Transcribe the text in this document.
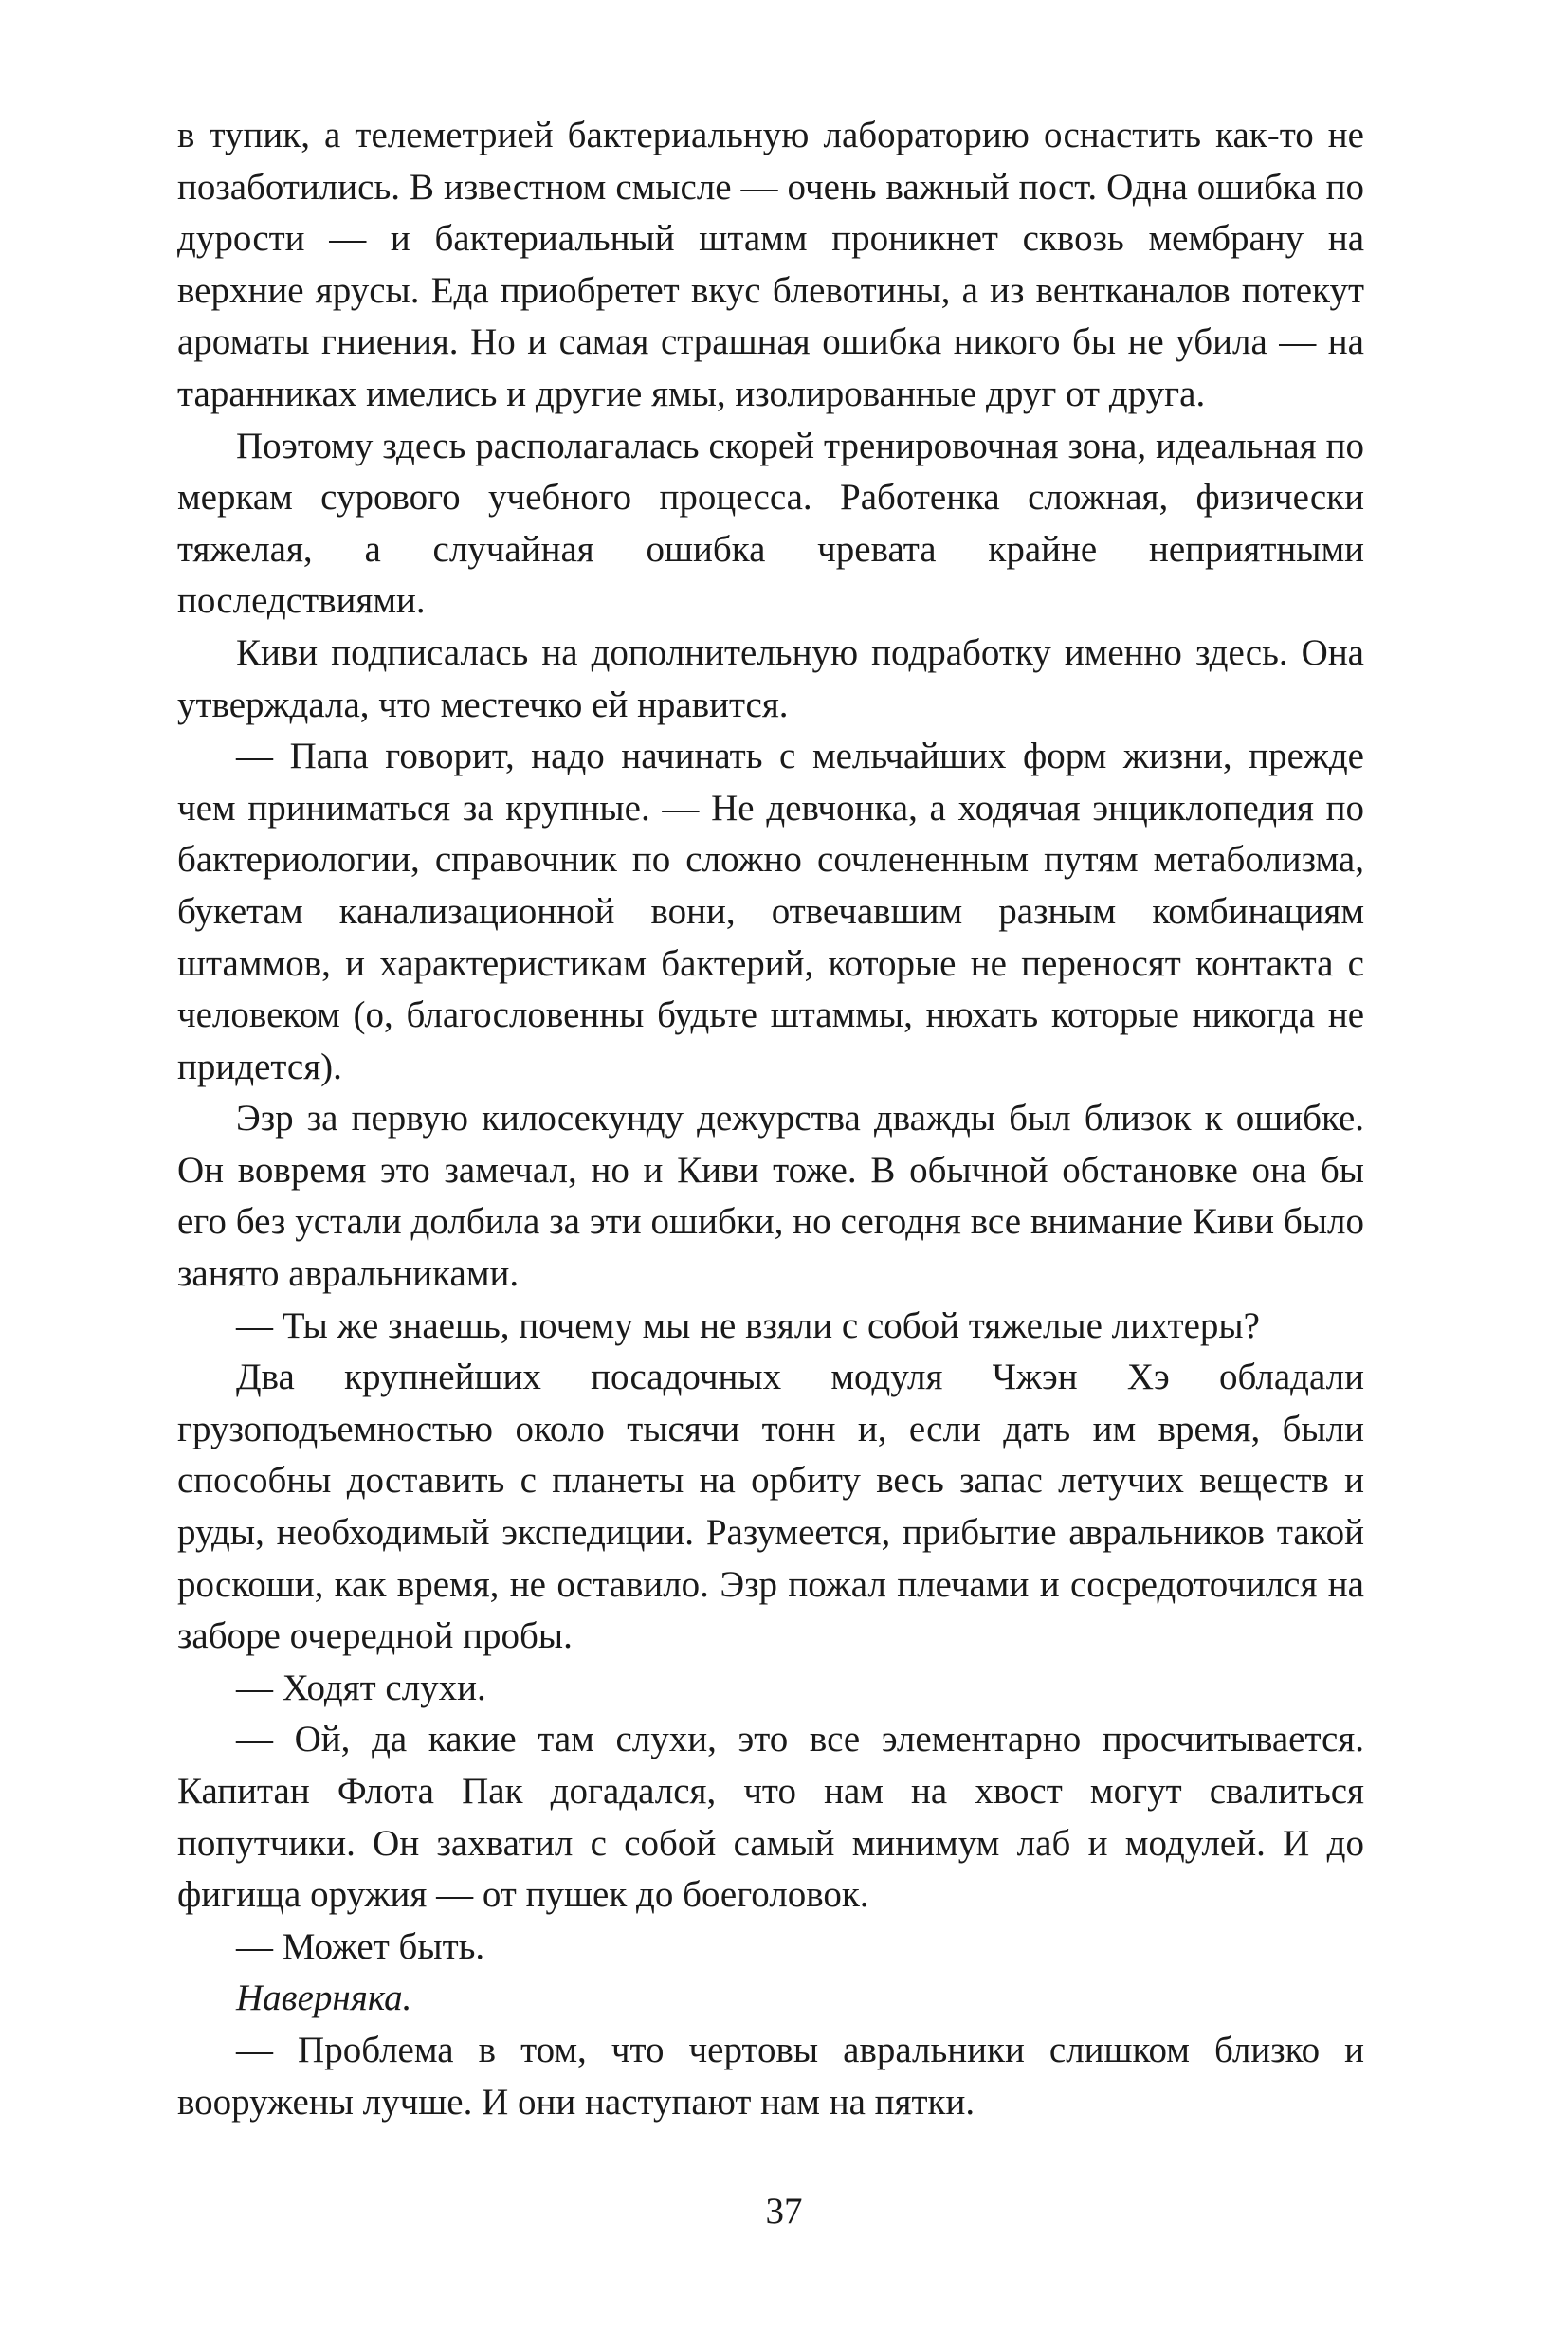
в тупик, а телеметрией бактериальную лабораторию оснастить как-то не позаботились. В известном смысле — очень важный пост. Одна ошибка по дурости — и бактериальный штамм проникнет сквозь мембрану на верхние ярусы. Еда приобретет вкус блевотины, а из вентканалов потекут ароматы гниения. Но и самая страшная ошибка никого бы не убила — на таранниках имелись и другие ямы, изолированные друг от друга.

Поэтому здесь располагалась скорей тренировочная зона, идеальная по меркам сурового учебного процесса. Работенка сложная, физически тяжелая, а случайная ошибка чревата крайне неприятными последствиями.

Киви подписалась на дополнительную подработку именно здесь. Она утверждала, что местечко ей нравится.

— Папа говорит, надо начинать с мельчайших форм жизни, прежде чем приниматься за крупные. — Не девчонка, а ходячая энциклопедия по бактериологии, справочник по сложно сочлененным путям метаболизма, букетам канализационной вони, отвечавшим разным комбинациям штаммов, и характеристикам бактерий, которые не переносят контакта с человеком (о, благословенны будьте штаммы, нюхать которые никогда не придется).

Эзр за первую килосекунду дежурства дважды был близок к ошибке. Он вовремя это замечал, но и Киви тоже. В обычной обстановке она бы его без устали долбила за эти ошибки, но сегодня все внимание Киви было занято авральниками.

— Ты же знаешь, почему мы не взяли с собой тяжелые лихтеры?

Два крупнейших посадочных модуля Чжэн Хэ обладали грузоподъемностью около тысячи тонн и, если дать им время, были способны доставить с планеты на орбиту весь запас летучих веществ и руды, необходимый экспедиции. Разумеется, прибытие авральников такой роскоши, как время, не оставило. Эзр пожал плечами и сосредоточился на заборе очередной пробы.

— Ходят слухи.

— Ой, да какие там слухи, это все элементарно просчитывается. Капитан Флота Пак догадался, что нам на хвост могут свалиться попутчики. Он захватил с собой самый минимум лаб и модулей. И до фигища оружия — от пушек до боеголовок.

— Может быть.

Наверняка.

— Проблема в том, что чертовы авральники слишком близко и вооружены лучше. И они наступают нам на пятки.

37
